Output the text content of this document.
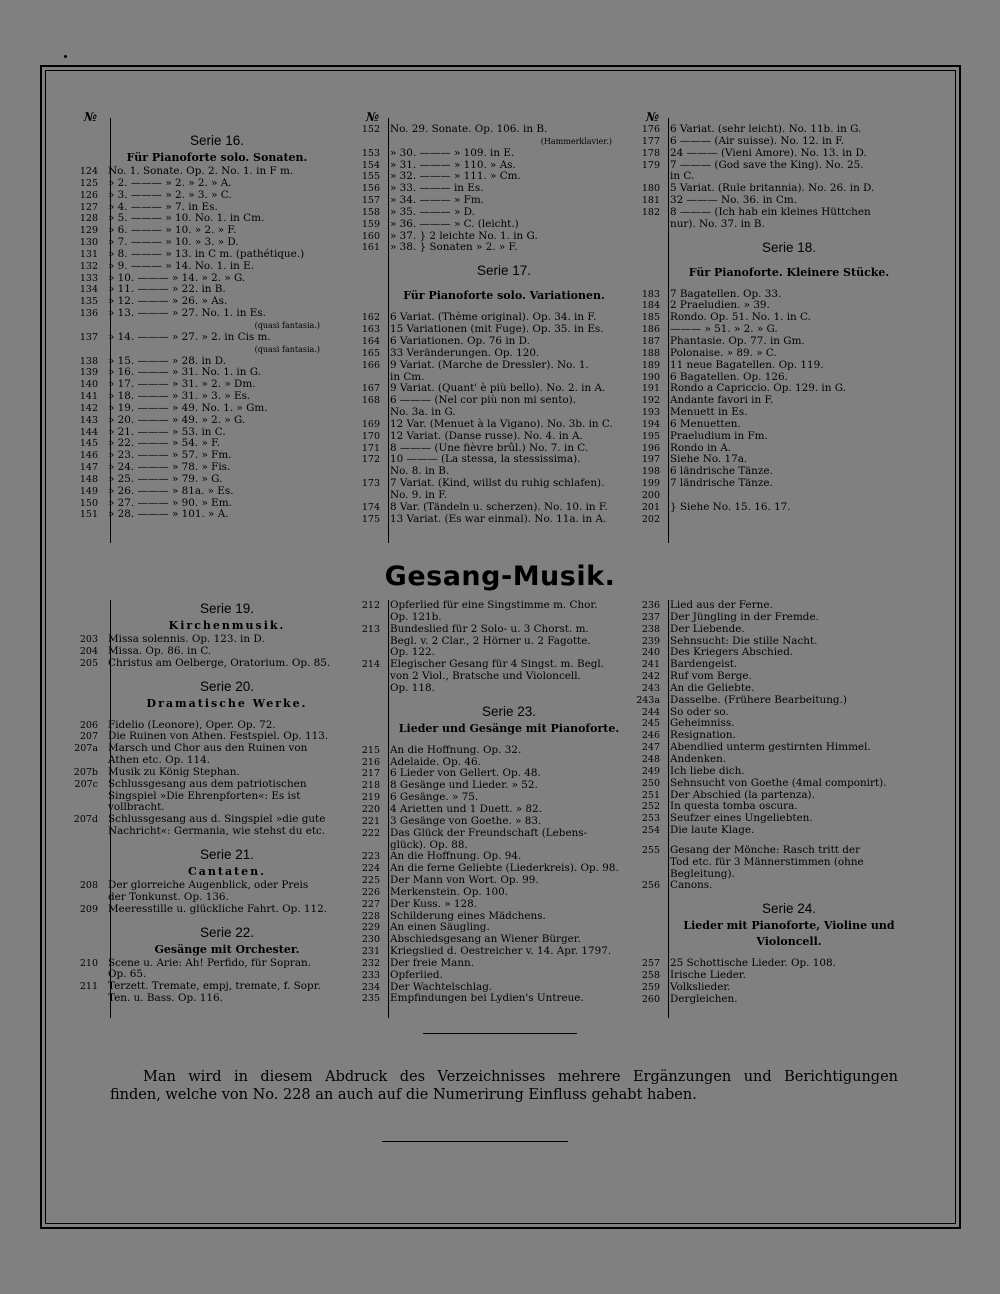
№
Serie 16.
Für Pianoforte solo. Sonaten.
124 No. 1. Sonate. Op. 2. No. 1. in F m.
125 » 2. ——— » 2. » 2. » A.
126 » 3. ——— » 2. » 3. » C.
127 » 4. ——— » 7. in Es.
128 » 5. ——— » 10. No. 1. in Cm.
129 » 6. ——— » 10. » 2. » F.
130 » 7. ——— » 10. » 3. » D.
131 » 8. ——— » 13. in C m. (pathétique.)
132 » 9. ——— » 14. No. 1. in E.
133 » 10. ——— » 14. » 2. » G.
134 » 11. ——— » 22. in B.
135 » 12. ——— » 26. » As.
136 » 13. ——— » 27. No. 1. in Es.
(quasi fantasia.)
137 » 14. ——— » 27. » 2. in Cis m.
(quasi fantasia.)
138 » 15. ——— » 28. in D.
139 » 16. ——— » 31. No. 1. in G.
140 » 17. ——— » 31. » 2. » Dm.
141 » 18. ——— » 31. » 3. » Es.
142 » 19. ——— » 49. No. 1. » Gm.
143 » 20. ——— » 49. » 2. » G.
144 » 21. ——— » 53. in C.
145 » 22. ——— » 54. » F.
146 » 23. ——— » 57. » Fm.
147 » 24. ——— » 78. » Fis.
148 » 25. ——— » 79. » G.
149 » 26. ——— » 81a. » Es.
150 » 27. ——— » 90. » Em.
151 » 28. ——— » 101. » A.
№
152 No. 29. Sonate. Op. 106. in B.
(Hammerklavier.)
153 » 30. ——— » 109. in E.
154 » 31. ——— » 110. » As.
155 » 32. ——— » 111. » Cm.
156 » 33. ——— in Es.
157 » 34. ——— » Fm.
158 » 35. ——— » D.
159 » 36. ——— » C. (leicht.)
160 » 37. } 2 leichte No. 1. in G.
161 » 38. } Sonaten » 2. » F.
Serie 17.
Für Pianoforte solo. Variationen.
162 6 Variat. (Thème original). Op. 34. in F.
163 15 Variationen (mit Fuge). Op. 35. in Es.
164 6 Variationen. Op. 76 in D.
165 33 Veränderungen. Op. 120.
166 9 Variat. (Marche de Dressler). No. 1.
in Cm.
167 9 Variat. (Quant' è più bello). No. 2. in A.
168 6 ——— (Nel cor più non mi sento).
No. 3a. in G.
169 12 Var. (Menuet à la Vigano). No. 3b. in C.
170 12 Variat. (Danse russe). No. 4. in A.
171 8 ——— (Une fièvre brûl.) No. 7. in C.
172 10 ——— (La stessa, la stessissima).
No. 8. in B.
173 7 Variat. (Kind, willst du ruhig schlafen).
No. 9. in F.
174 8 Var. (Tändeln u. scherzen). No. 10. in F.
175 13 Variat. (Es war einmal). No. 11a. in A.
№
176 6 Variat. (sehr leicht). No. 11b. in G.
177 6 ——— (Air suisse). No. 12. in F.
178 24 ——— (Vieni Amore). No. 13. in D.
179 7 ——— (God save the King). No. 25.
in C.
180 5 Variat. (Rule britannia). No. 26. in D.
181 32 ——— No. 36. in Cm.
182 8 ——— (Ich hab ein kleines Hüttchen
nur). No. 37. in B.
Serie 18.
Für Pianoforte. Kleinere Stücke.
183 7 Bagatellen. Op. 33.
184 2 Praeludien. » 39.
185 Rondo. Op. 51. No. 1. in C.
186 ——— » 51. » 2. » G.
187 Phantasie. Op. 77. in Gm.
188 Polonaise. » 89. » C.
189 11 neue Bagatellen. Op. 119.
190 6 Bagatellen. Op. 126.
191 Rondo a Capriccio. Op. 129. in G.
192 Andante favori in F.
193 Menuett in Es.
194 6 Menuetten.
195 Praeludium in Fm.
196 Rondo in A.
197 Siehe No. 17a.
198 6 ländrische Tänze.
199 7 ländrische Tänze.
200
201 } Siehe No. 15. 16. 17.
202
Gesang-Musik.
Serie 19.
Kirchenmusik.
203 Missa solennis. Op. 123. in D.
204 Missa. Op. 86. in C.
205 Christus am Oelberge, Oratorium. Op. 85.
Serie 20.
Dramatische Werke.
206 Fidelio (Leonore), Oper. Op. 72.
207 Die Ruinen von Athen. Festspiel. Op. 113.
207a Marsch und Chor aus den Ruinen von
Athen etc. Op. 114.
207b Musik zu König Stephan.
207c Schlussgesang aus dem patriotischen
Singspiel »Die Ehrenpforten«: Es ist
vollbracht.
207d Schlussgesang aus d. Singspiel »die gute
Nachricht«: Germania, wie stehst du etc.
Serie 21.
Cantaten.
208 Der glorreiche Augenblick, oder Preis
der Tonkunst. Op. 136.
209 Meeresstille u. glückliche Fahrt. Op. 112.
Serie 22.
Gesänge mit Orchester.
210 Scene u. Arie: Ah! Perfido, für Sopran.
Op. 65.
211 Terzett. Tremate, empj, tremate, f. Sopr.
Ten. u. Bass. Op. 116.
212 Opferlied für eine Singstimme m. Chor.
Op. 121b.
213 Bundeslied für 2 Solo- u. 3 Chorst. m.
Begl. v. 2 Clar., 2 Hörner u. 2 Fagotte.
Op. 122.
214 Elegischer Gesang für 4 Singst. m. Begl.
von 2 Viol., Bratsche und Violoncell.
Op. 118.
Serie 23.
Lieder und Gesänge mit Pianoforte.
215 An die Hoffnung. Op. 32.
216 Adelaide. Op. 46.
217 6 Lieder von Gellert. Op. 48.
218 8 Gesänge und Lieder. » 52.
219 6 Gesänge. » 75.
220 4 Arietten und 1 Duett. » 82.
221 3 Gesänge von Goethe. » 83.
222 Das Glück der Freundschaft (Lebens-
glück). Op. 88.
223 An die Hoffnung. Op. 94.
224 An die ferne Geliebte (Liederkreis). Op. 98.
225 Der Mann von Wort. Op. 99.
226 Merkenstein. Op. 100.
227 Der Kuss. » 128.
228 Schilderung eines Mädchens.
229 An einen Säugling.
230 Abschiedsgesang an Wiener Bürger.
231 Kriegslied d. Oestreicher v. 14. Apr. 1797.
232 Der freie Mann.
233 Opferlied.
234 Der Wachtelschlag.
235 Empfindungen bei Lydien's Untreue.
236 Lied aus der Ferne.
237 Der Jüngling in der Fremde.
238 Der Liebende.
239 Sehnsucht: Die stille Nacht.
240 Des Kriegers Abschied.
241 Bardengeist.
242 Ruf vom Berge.
243 An die Geliebte.
243a Dasselbe. (Frühere Bearbeitung.)
244 So oder so.
245 Geheimniss.
246 Resignation.
247 Abendlied unterm gestirnten Himmel.
248 Andenken.
249 Ich liebe dich.
250 Sehnsucht von Goethe (4mal componirt).
251 Der Abschied (la partenza).
252 In questa tomba oscura.
253 Seufzer eines Ungeliebten.
254 Die laute Klage.
255 Gesang der Mönche: Rasch tritt der
Tod etc. für 3 Männerstimmen (ohne
Begleitung).
256 Canons.
Serie 24.
Lieder mit Pianoforte, Violine und
Violoncell.
257 25 Schottische Lieder. Op. 108.
258 Irische Lieder.
259 Volkslieder.
260 Dergleichen.
Man wird in diesem Abdruck des Verzeichnisses mehrere Ergänzungen und Berichtigungen
finden, welche von No. 228 an auch auf die Numerirung Einfluss gehabt haben.
